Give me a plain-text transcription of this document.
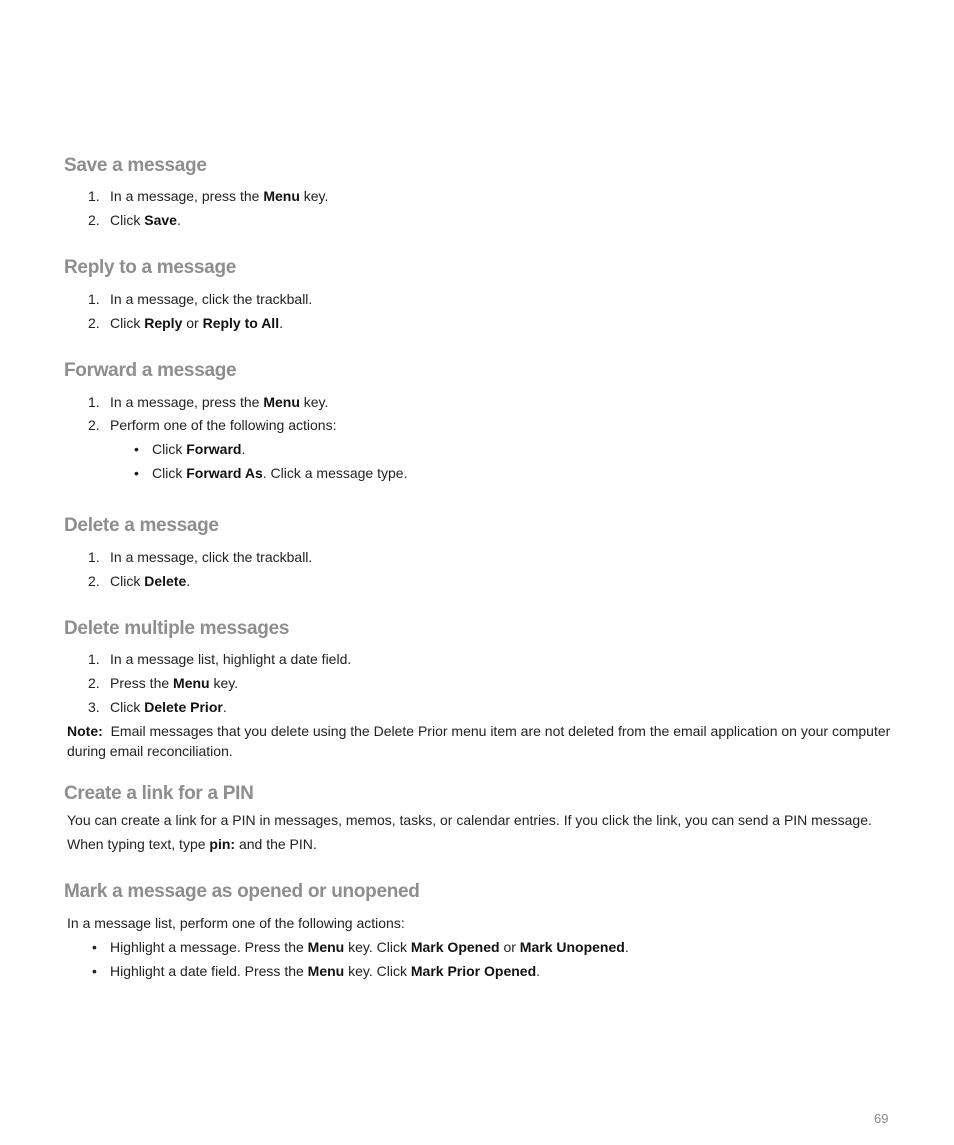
Save a message
1. In a message, press the Menu key.

2. Click Save.

Reply to a message
1. In a message, click the trackball.

2. Click Reply or Reply to All.

Forward a message
1. In a message, press the Menu key.

2. Perform one of the following actions:

• Click Forward.

• Click Forward As. Click a message type.

Delete a message
1. In a message, click the trackball.

2. Click Delete.

Delete multiple messages
1. In a message list, highlight a date field.

2. Press the Menu key.

3. Click Delete Prior.

Note: Email messages that you delete using the Delete Prior menu item are not deleted from the email application on your computer

during email reconciliation.

Create a link for a PIN

You can create a link for a PIN in messages, memos, tasks, or calendar entries. If you click the link, you can send a PIN message.

When typing text, type pin: and the PIN.

Mark a message as opened or unopened

In a message list, perform one of the following actions:

• Highlight a message. Press the Menu key. Click Mark Opened or Mark Unopened.

• Highlight a date field. Press the Menu key. Click Mark Prior Opened.

69
